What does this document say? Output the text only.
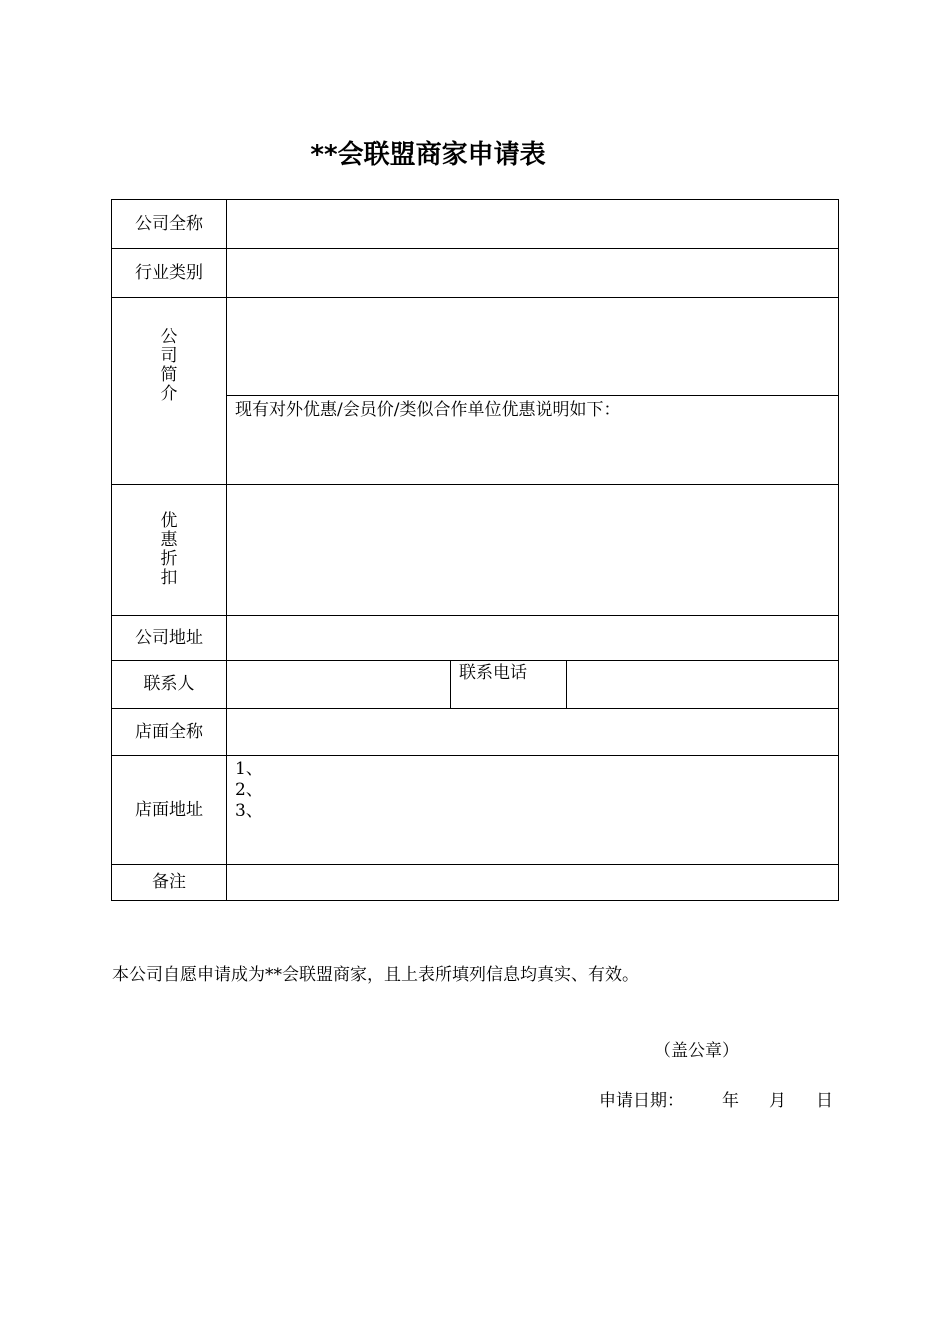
**会联盟商家申请表
公司全称
行业类别
公司简介
现有对外优惠/会员价/类似合作单位优惠说明如下：
优惠折扣
公司地址
联系人
联系电话
店面全称
店面地址
1、
2、
3、
备注
本公司自愿申请成为**会联盟商家，且上表所填列信息均真实、有效。
（盖公章）
申请日期： 年 月 日
